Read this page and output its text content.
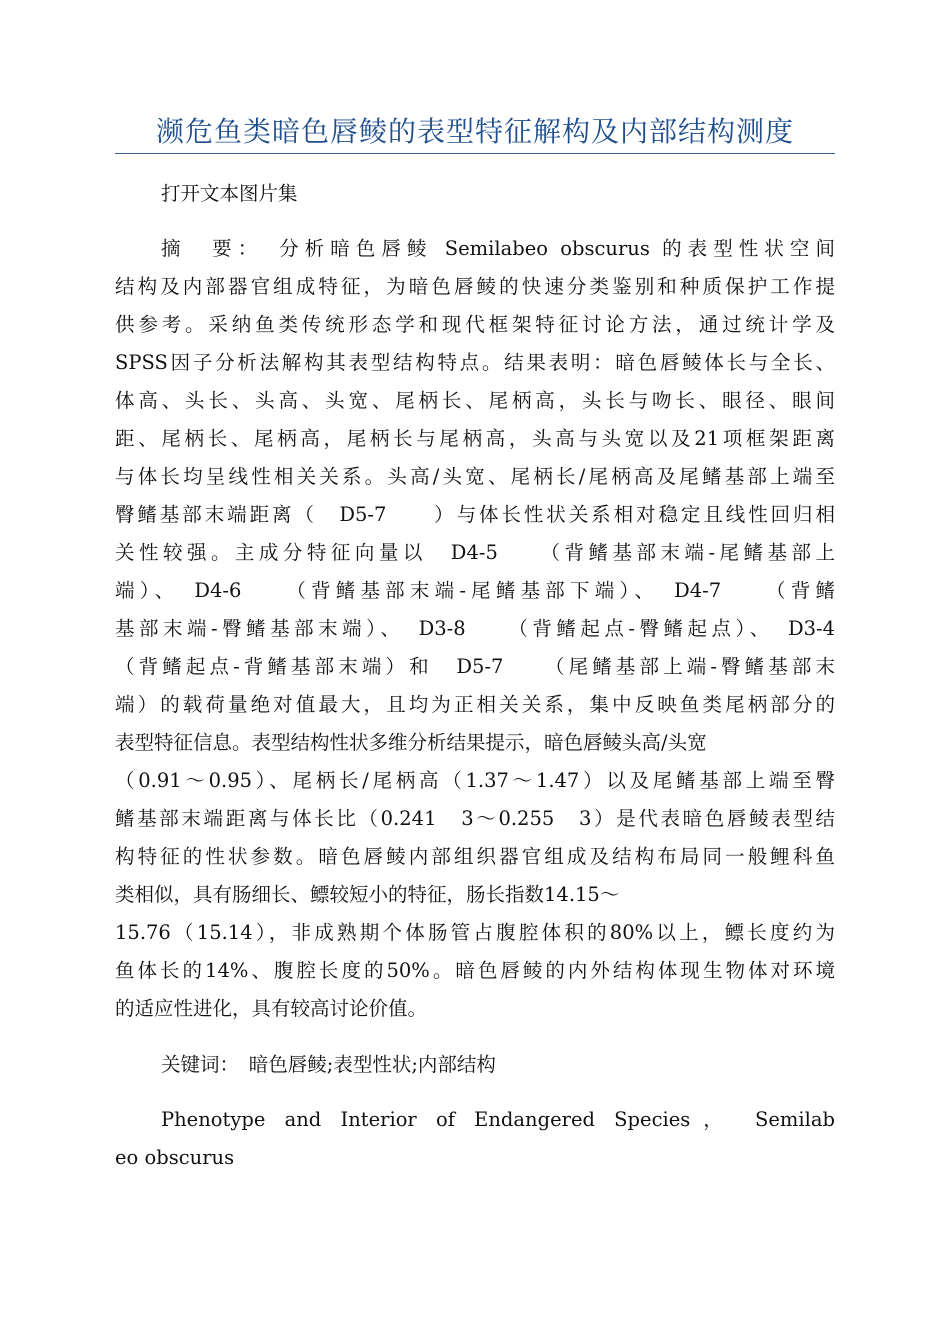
濒危鱼类暗色唇鲮的表型特征解构及内部结构测度
打开文本图片集
摘　要：　分析暗色唇鲮 Semilabeo obscurus 的表型性状空间
结构及内部器官组成特征，为暗色唇鲮的快速分类鉴别和种质保护工作提
供参考。采纳鱼类传统形态学和现代框架特征讨论方法，通过统计学及
SPSS因子分析法解构其表型结构特点。结果表明：暗色唇鲮体长与全长、
体高、头长、头高、头宽、尾柄长、尾柄高，头长与吻长、眼径、眼间
距、尾柄长、尾柄高，尾柄长与尾柄高，头高与头宽以及21项框架距离
与体长均呈线性相关关系。头高/头宽、尾柄长/尾柄高及尾鳍基部上端至
臀鳍基部末端距离（　D5-7　　）与体长性状关系相对稳定且线性回归相
关性较强。主成分特征向量以　D4-5　　（背鳍基部末端-尾鳍基部上
端）、　D4-6　　（背鳍基部末端-尾鳍基部下端）、　D4-7　　（背鳍
基部末端-臀鳍基部末端）、　D3-8　　（背鳍起点-臀鳍起点）、　D3-4
（背鳍起点-背鳍基部末端）和　D5-7　　（尾鳍基部上端-臀鳍基部末
端）的载荷量绝对值最大，且均为正相关关系，集中反映鱼类尾柄部分的
表型特征信息。表型结构性状多维分析结果提示，暗色唇鲮头高/头宽
（0.91～0.95）、尾柄长/尾柄高（1.37～1.47）以及尾鳍基部上端至臀
鳍基部末端距离与体长比（0.241　3～0.255　3）是代表暗色唇鲮表型结
构特征的性状参数。暗色唇鲮内部组织器官组成及结构布局同一般鲤科鱼
类相似，具有肠细长、鳔较短小的特征，肠长指数14.15～
15.76（15.14），非成熟期个体肠管占腹腔体积的80%以上，鳔长度约为
鱼体长的14%、腹腔长度的50%。暗色唇鲮的内外结构体现生物体对环境
的适应性进化，具有较高讨论价值。
关键词：　暗色唇鲮;表型性状;内部结构
Phenotype and Interior of Endangered Species， Semilab
eo obscurus
